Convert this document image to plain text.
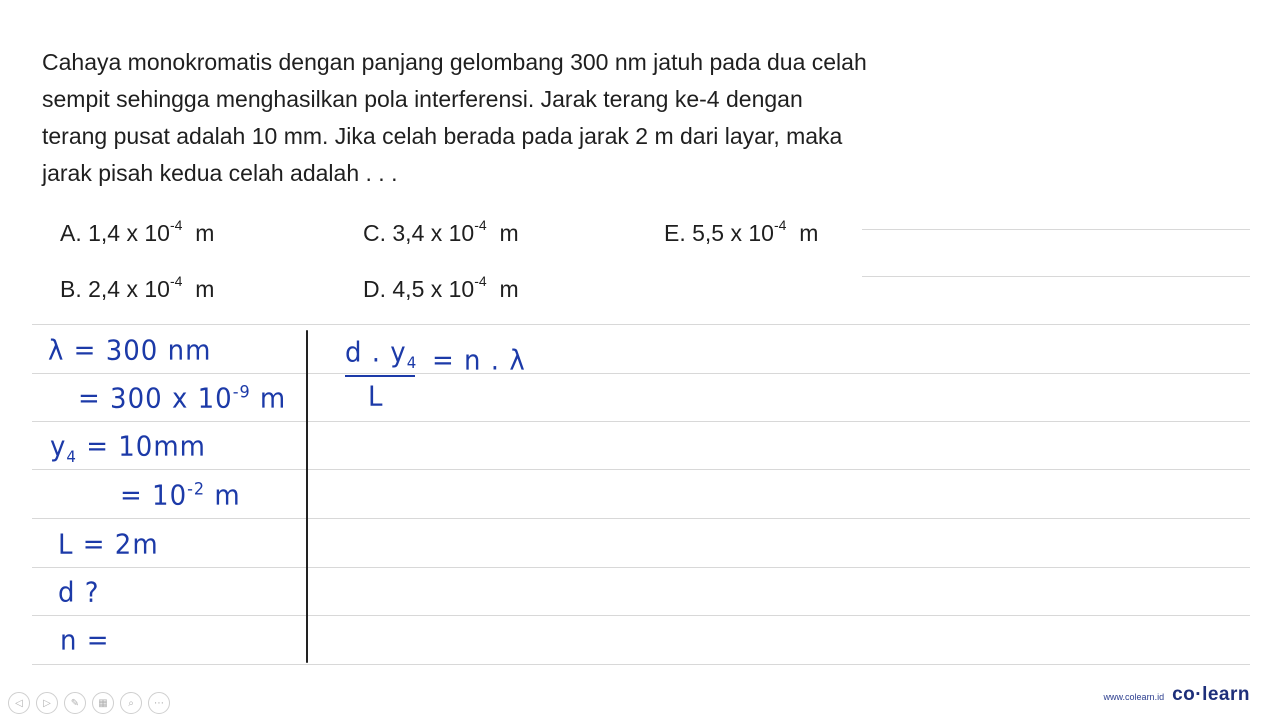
Cahaya monokromatis dengan panjang gelombang 300 nm jatuh pada dua celah sempit sehingga menghasilkan pola interferensi. Jarak terang ke-4 dengan terang pusat adalah 10 mm. Jika celah berada pada jarak 2 m dari layar, maka jarak pisah kedua celah adalah . . .
A. 1,4 x $10^{-4}$ m	C. 3,4 x $10^{-4}$ m	E. 5,5 x $10^{-4}$ m
B. 2,4 x $10^{-4}$ m	D. 4,5 x $10^{-4}$ m
λ = 300 nm
= 300 x $10^{-9}$ m
$y_4 = 10mm$
= $10^{-2}$ m
L = 2m
d ?
n =
d . $y_4$
L
= n . λ
◁	▷	✎	▦	⌕	⋯
www.colearn.id co·learn
